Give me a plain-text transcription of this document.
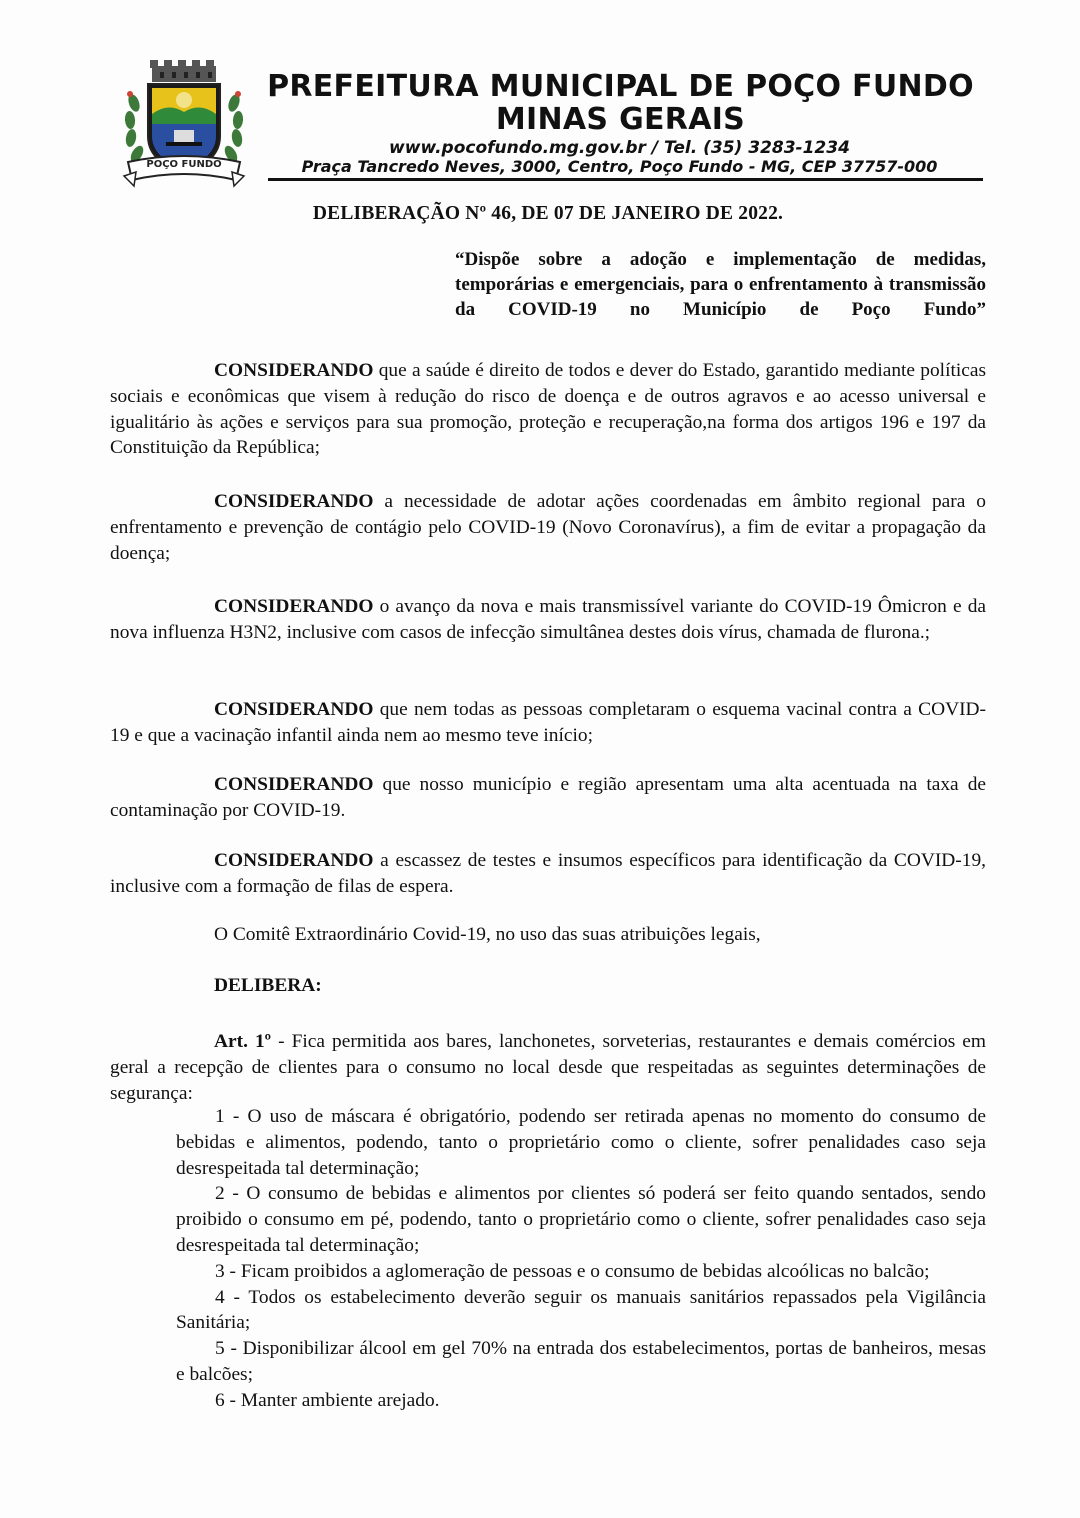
POÇO FUNDO
PREFEITURA MUNICIPAL DE POÇO FUNDO
MINAS GERAIS
www.pocofundo.mg.gov.br / Tel. (35) 3283-1234
Praça Tancredo Neves, 3000, Centro, Poço Fundo - MG, CEP 37757-000
DELIBERAÇÃO Nº 46, DE 07 DE JANEIRO DE 2022.
“Dispõe sobre a adoção e implementação de medidas, temporárias e emergenciais, para o enfrentamento à transmissão da COVID-19 no Município de Poço Fundo”
CONSIDERANDO que a saúde é direito de todos e dever do Estado, garantido mediante políticas sociais e econômicas que visem à redução do risco de doença e de outros agravos e ao acesso universal e igualitário às ações e serviços para sua promoção, proteção e recuperação,na forma dos artigos 196 e 197 da Constituição da República;
CONSIDERANDO a necessidade de adotar ações coordenadas em âmbito regional para o enfrentamento e prevenção de contágio pelo COVID-19 (Novo Coronavírus), a fim de evitar a propagação da doença;
CONSIDERANDO o avanço da nova e mais transmissível variante do COVID-19 Ômicron e da nova influenza H3N2, inclusive com casos de infecção simultânea destes dois vírus, chamada de flurona.;
CONSIDERANDO que nem todas as pessoas completaram o esquema vacinal contra a COVID-19 e que a vacinação infantil ainda nem ao mesmo teve início;
CONSIDERANDO que nosso município e região apresentam uma alta acentuada na taxa de contaminação por COVID-19.
CONSIDERANDO a escassez de testes e insumos específicos para identificação da COVID-19, inclusive com a formação de filas de espera.
O Comitê Extraordinário Covid-19, no uso das suas atribuições legais,
DELIBERA:
Art. 1º - Fica permitida aos bares, lanchonetes, sorveterias, restaurantes e demais comércios em geral a recepção de clientes para o consumo no local desde que respeitadas as seguintes determinações de segurança:
1 - O uso de máscara é obrigatório, podendo ser retirada apenas no momento do consumo de bebidas e alimentos, podendo, tanto o proprietário como o cliente, sofrer penalidades caso seja desrespeitada tal determinação;
2 - O consumo de bebidas e alimentos por clientes só poderá ser feito quando sentados, sendo proibido o consumo em pé, podendo, tanto o proprietário como o cliente, sofrer penalidades caso seja desrespeitada tal determinação;
3 - Ficam proibidos a aglomeração de pessoas e o consumo de bebidas alcoólicas no balcão;
4 - Todos os estabelecimento deverão seguir os manuais sanitários repassados pela Vigilância Sanitária;
5 - Disponibilizar álcool em gel 70% na entrada dos estabelecimentos, portas de banheiros, mesas e balcões;
6 - Manter ambiente arejado.
